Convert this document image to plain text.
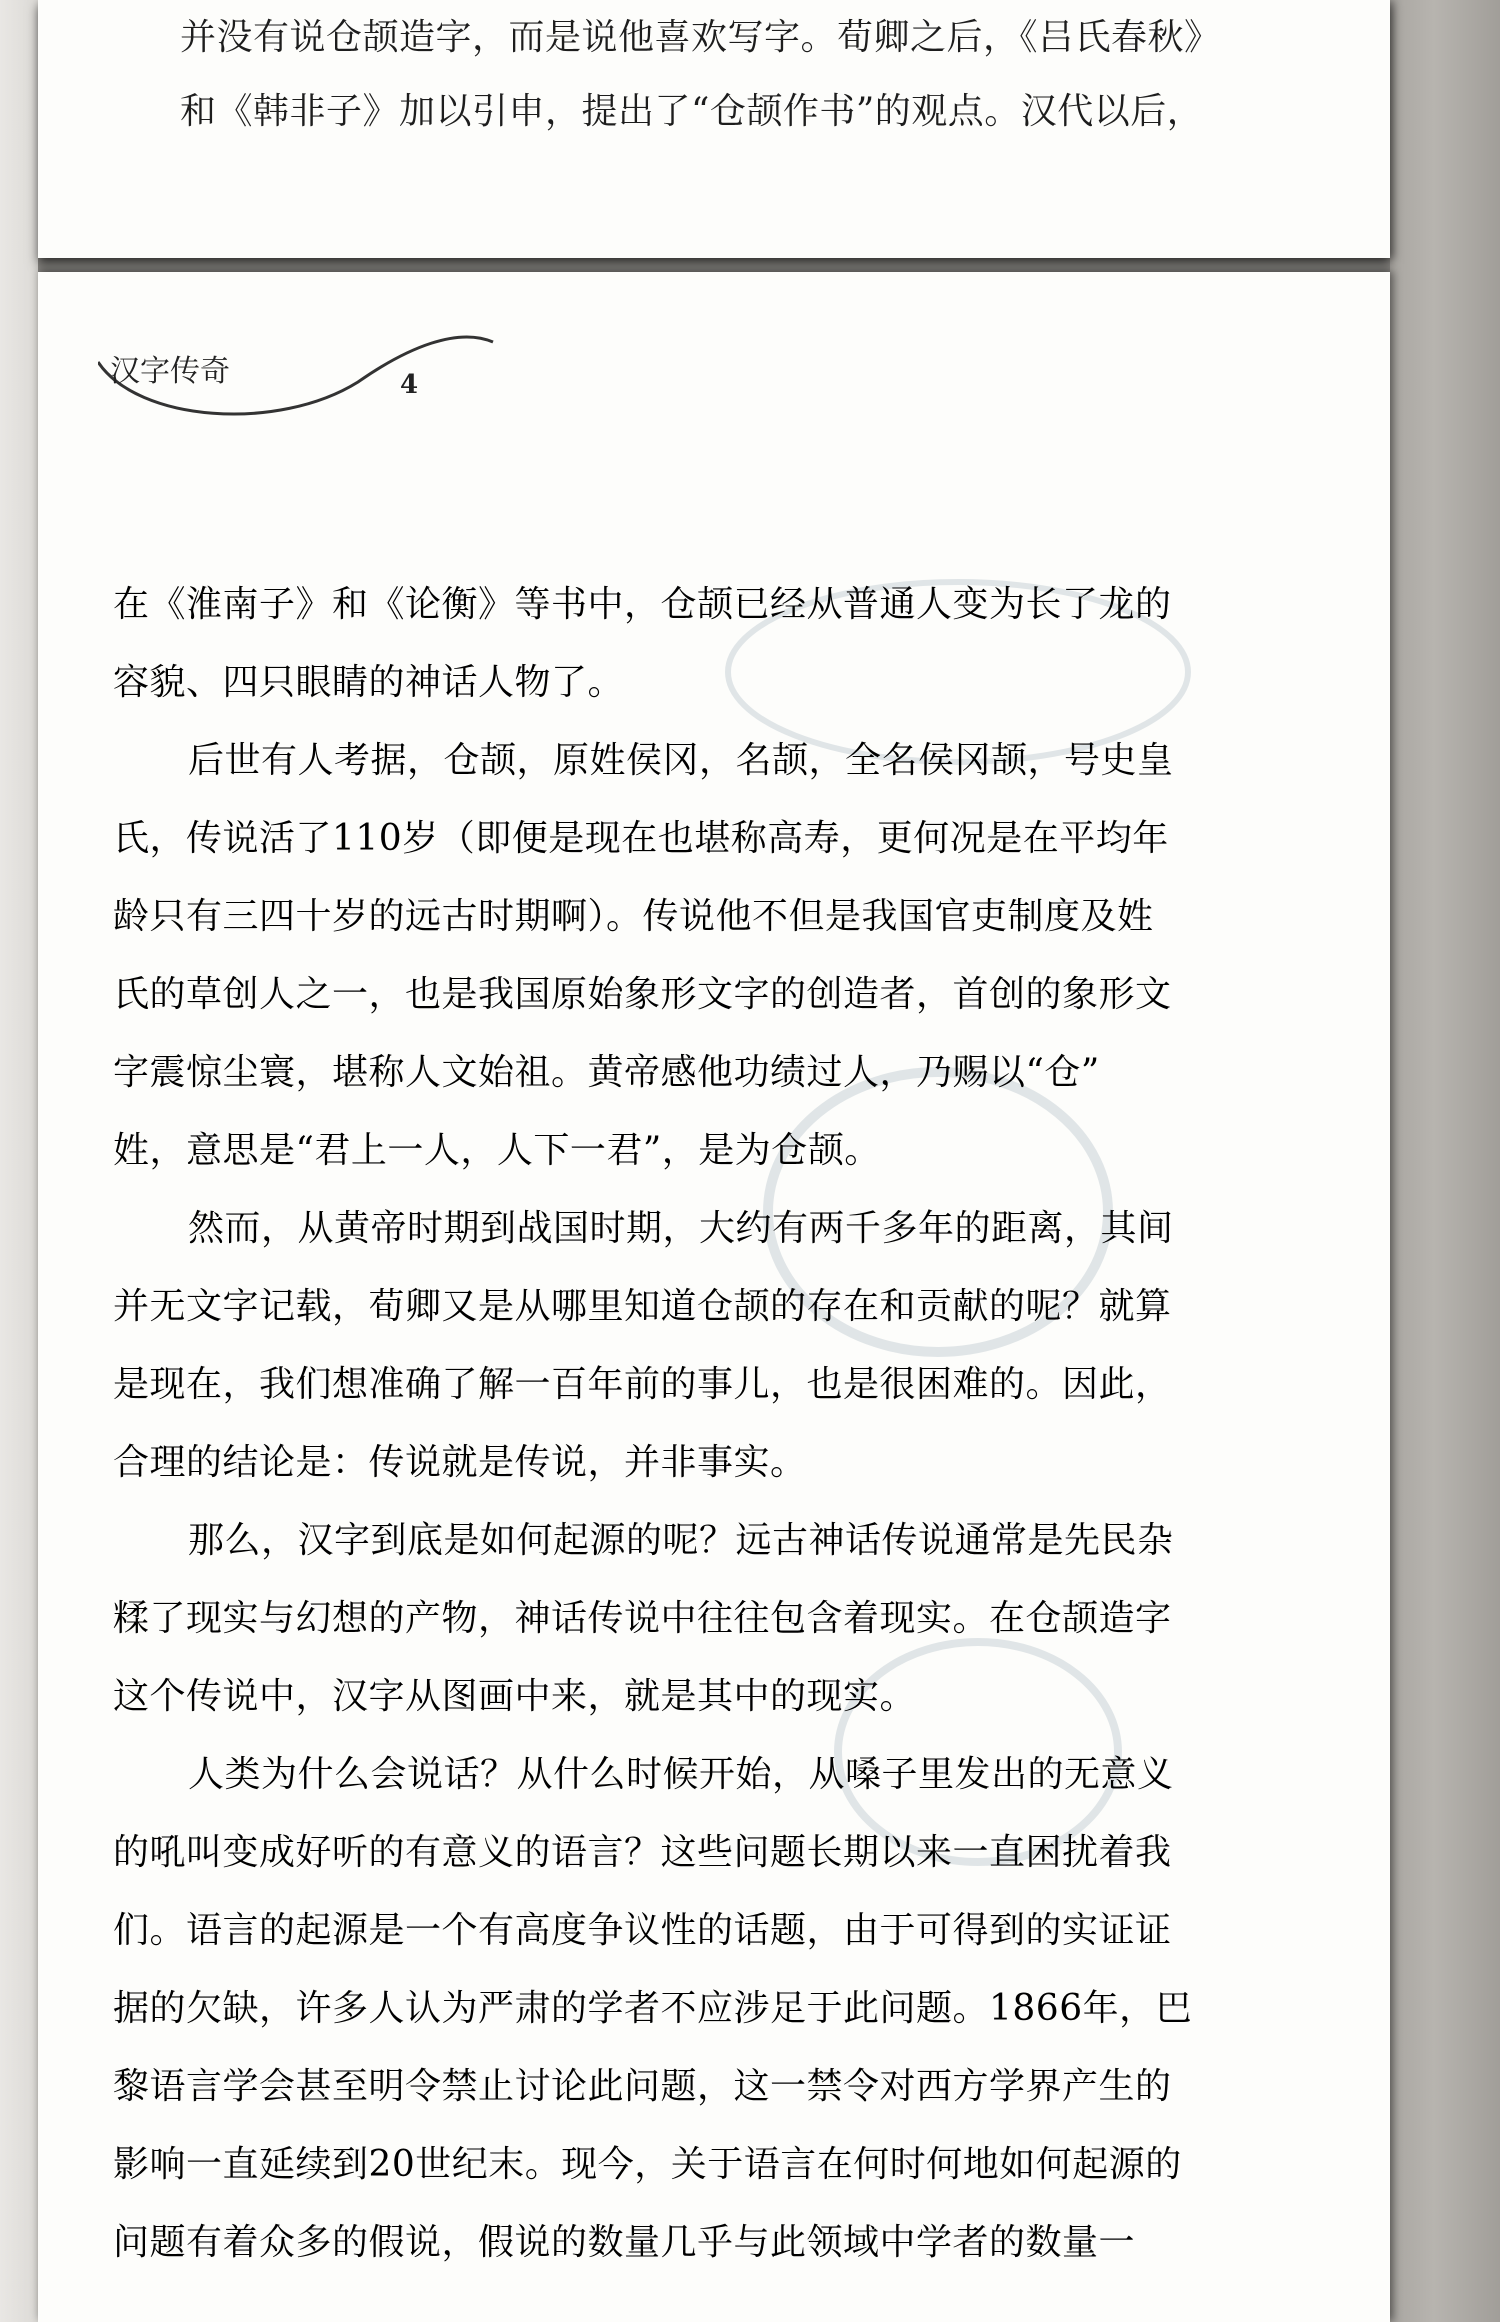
并没有说仓颉造字，而是说他喜欢写字。荀卿之后，《吕氏春秋》
和《韩非子》加以引申，提出了“仓颉作书”的观点。汉代以后，
汉字传奇	4
在《淮南子》和《论衡》等书中，仓颉已经从普通人变为长了龙的
容貌、四只眼睛的神话人物了。
后世有人考据，仓颉，原姓侯冈，名颉，全名侯冈颉，号史皇
氏，传说活了110岁（即便是现在也堪称高寿，更何况是在平均年
龄只有三四十岁的远古时期啊）。传说他不但是我国官吏制度及姓
氏的草创人之一，也是我国原始象形文字的创造者，首创的象形文
字震惊尘寰，堪称人文始祖。黄帝感他功绩过人，乃赐以“仓”
姓，意思是“君上一人，人下一君”，是为仓颉。
然而，从黄帝时期到战国时期，大约有两千多年的距离，其间
并无文字记载，荀卿又是从哪里知道仓颉的存在和贡献的呢？就算
是现在，我们想准确了解一百年前的事儿，也是很困难的。因此，
合理的结论是：传说就是传说，并非事实。
那么，汉字到底是如何起源的呢？远古神话传说通常是先民杂
糅了现实与幻想的产物，神话传说中往往包含着现实。在仓颉造字
这个传说中，汉字从图画中来，就是其中的现实。
人类为什么会说话？从什么时候开始，从嗓子里发出的无意义
的吼叫变成好听的有意义的语言？这些问题长期以来一直困扰着我
们。语言的起源是一个有高度争议性的话题，由于可得到的实证证
据的欠缺，许多人认为严肃的学者不应涉足于此问题。1866年，巴
黎语言学会甚至明令禁止讨论此问题，这一禁令对西方学界产生的
影响一直延续到20世纪末。现今，关于语言在何时何地如何起源的
问题有着众多的假说，假说的数量几乎与此领域中学者的数量一
